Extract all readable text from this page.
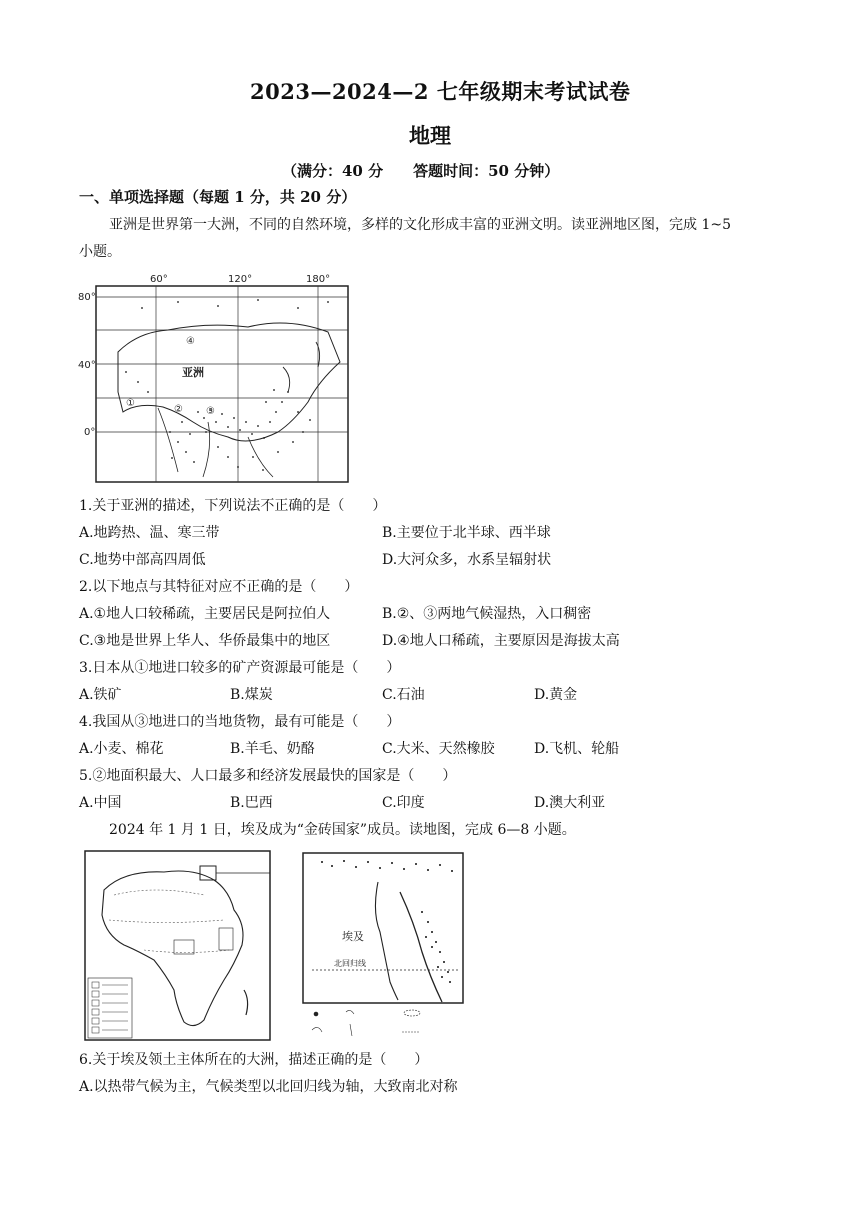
2023—2024—2 七年级期末考试试卷
地理
（满分：40 分　　答题时间：50 分钟）
一、单项选择题（每题 1 分，共 20 分）
亚洲是世界第一大洲，不同的自然环境，多样的文化形成丰富的亚洲文明。读亚洲地区图，完成 1~5
小题。
60°	120°	180°
80°
40°
0°
亚洲
①
② ③
④
1.关于亚洲的描述，下列说法不正确的是（　　）
A.地跨热、温、寒三带	B.主要位于北半球、西半球
C.地势中部高四周低	D.大河众多，水系呈辐射状
2.以下地点与其特征对应不正确的是（　　）
A.①地人口较稀疏，主要居民是阿拉伯人	B.②、③两地气候湿热，入口稠密
C.③地是世界上华人、华侨最集中的地区	D.④地人口稀疏，主要原因是海拔太高
3.日本从①地进口较多的矿产资源最可能是（　　）
A.铁矿	B.煤炭	C.石油	D.黄金
4.我国从③地进口的当地货物，最有可能是（　　）
A.小麦、棉花	B.羊毛、奶酪	C.大米、天然橡胶	D.飞机、轮船
5.②地面积最大、人口最多和经济发展最快的国家是（　　）
A.中国	B.巴西	C.印度	D.澳大利亚
2024 年 1 月 1 日，埃及成为“金砖国家”成员。读地图，完成 6—8 小题。
埃及
北回归线
6.关于埃及领土主体所在的大洲，描述正确的是（　　）
A.以热带气候为主，气候类型以北回归线为轴，大致南北对称
